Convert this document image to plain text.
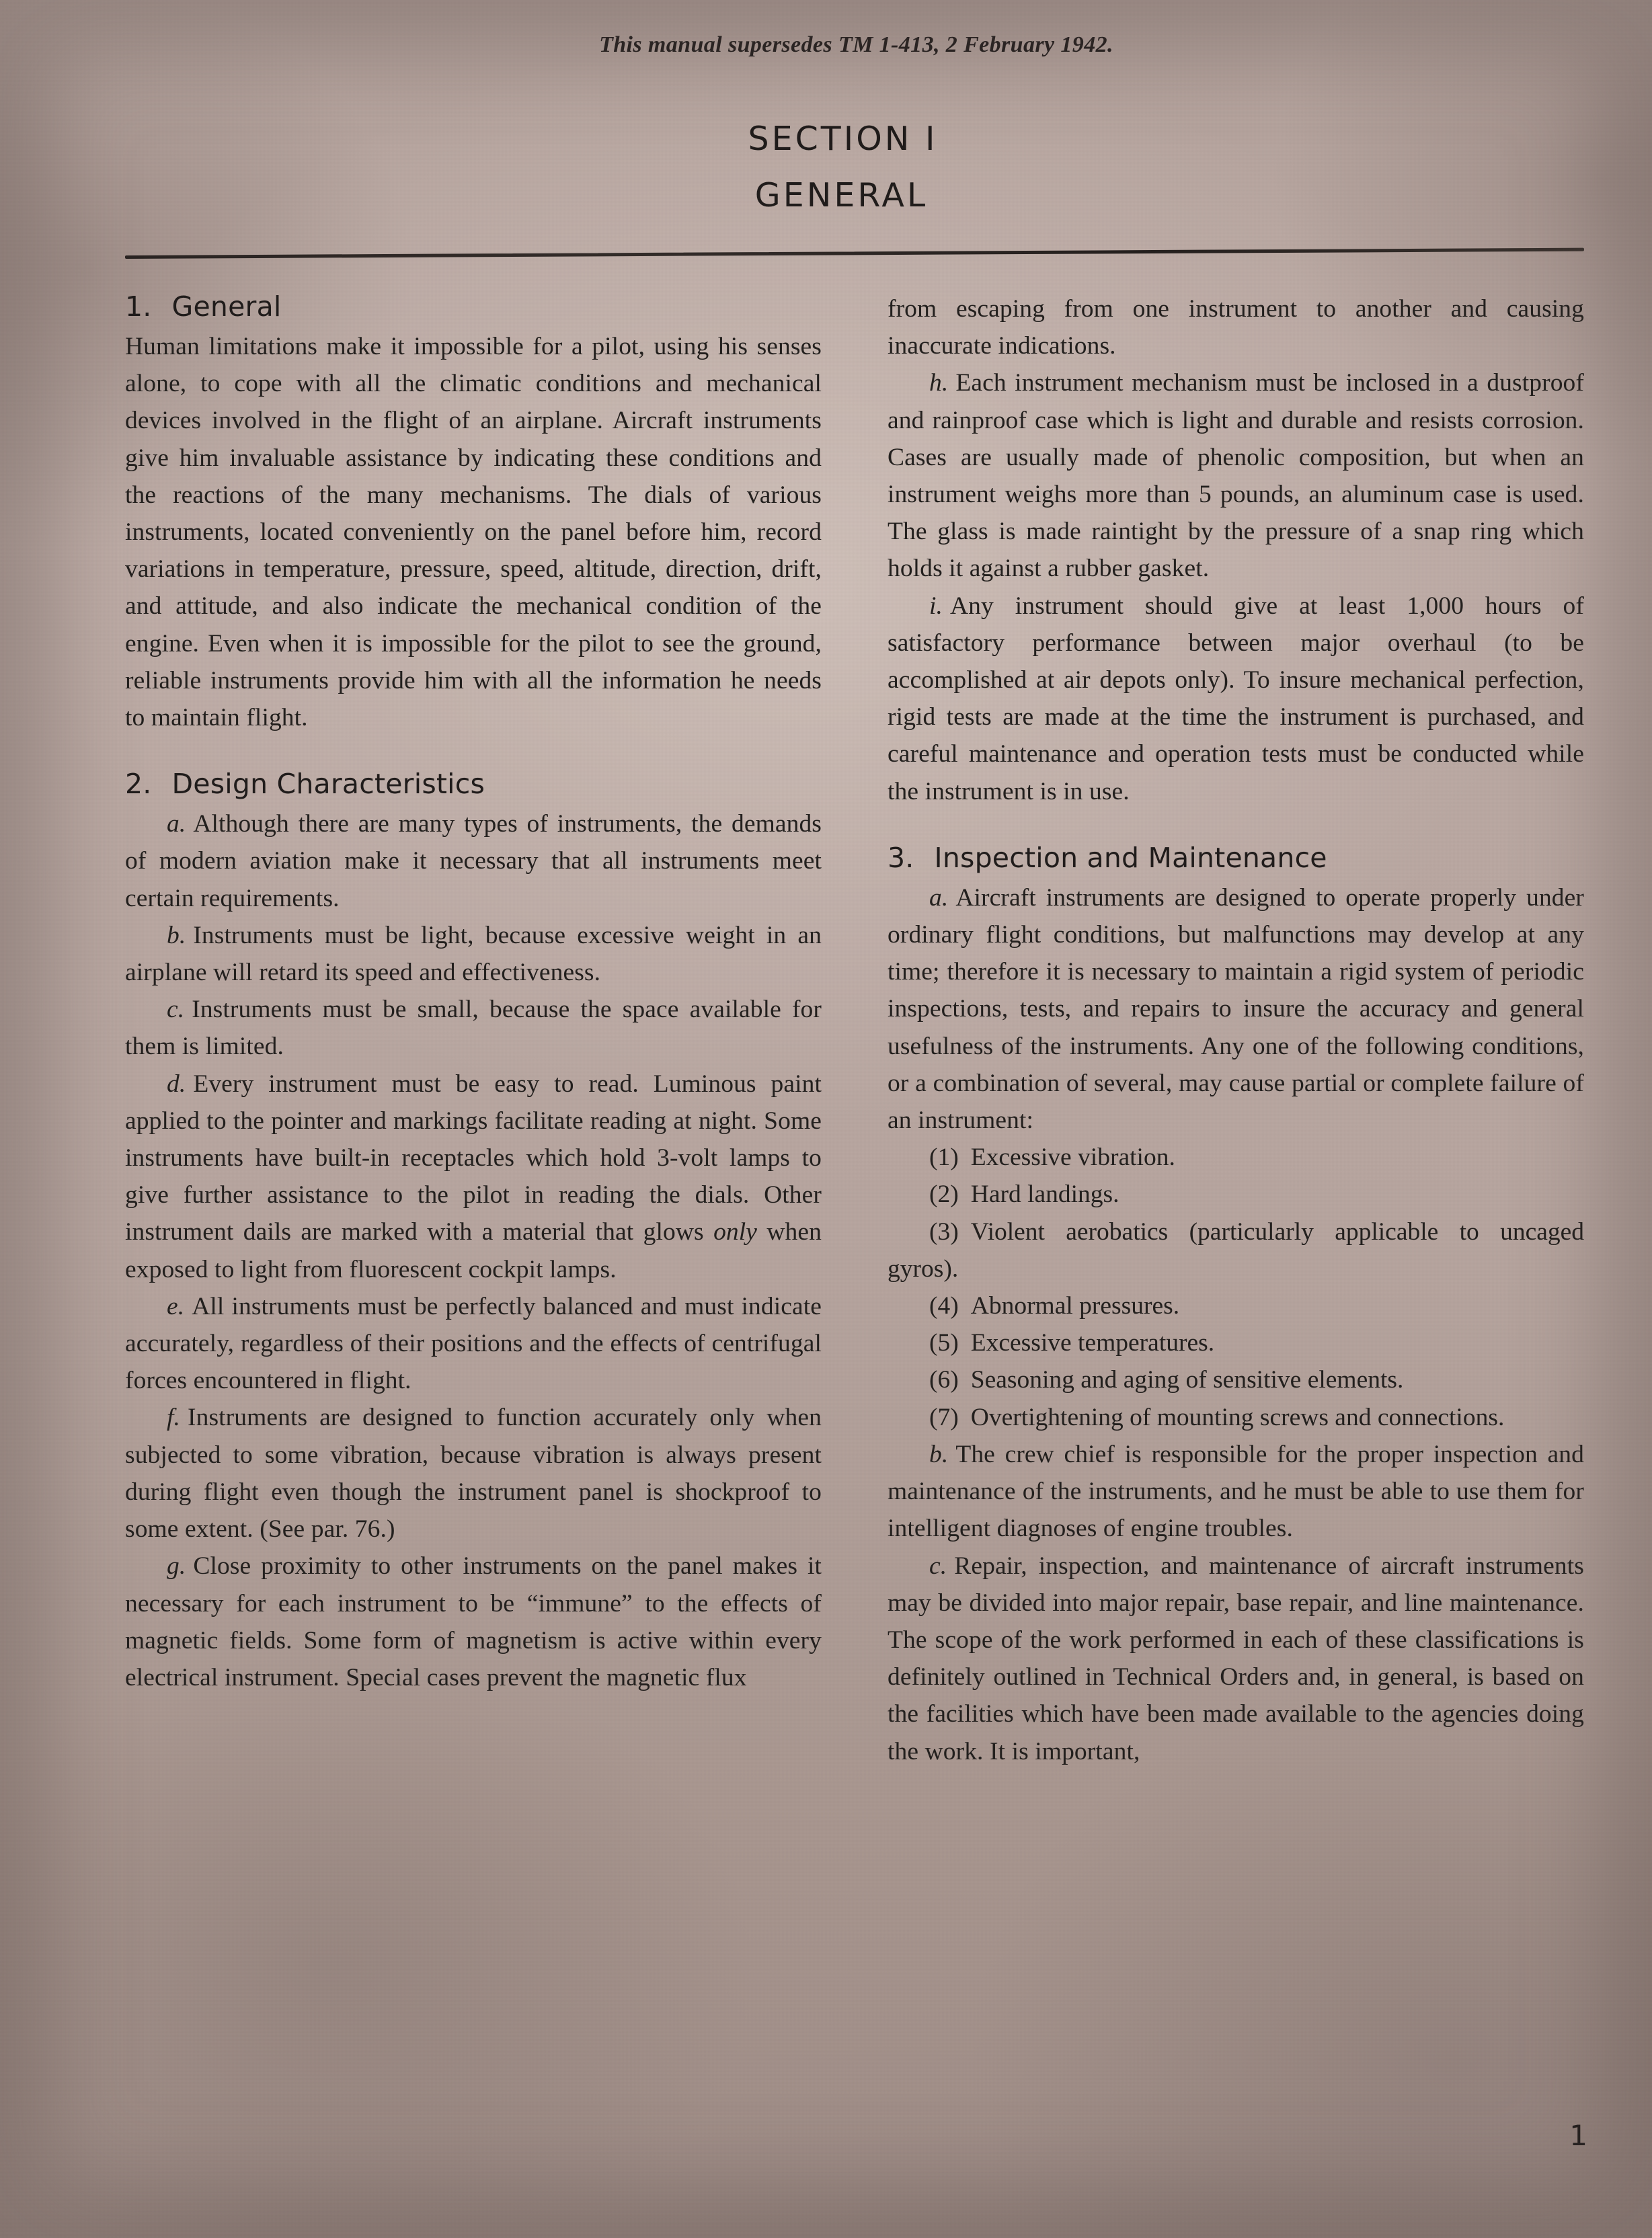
This manual supersedes TM 1-413, 2 February 1942.
SECTION I
GENERAL
1. General

Human limitations make it impossible for a pilot, using his senses alone, to cope with all the climatic conditions and mechanical devices involved in the flight of an airplane. Aircraft instruments give him invaluable assistance by indicating these conditions and the reactions of the many mechanisms. The dials of various instruments, located conveniently on the panel before him, record variations in temperature, pressure, speed, altitude, direction, drift, and attitude, and also indicate the mechanical condition of the engine. Even when it is impossible for the pilot to see the ground, reliable instruments provide him with all the information he needs to maintain flight.

2. Design Characteristics

a. Although there are many types of instruments, the demands of modern aviation make it necessary that all instruments meet certain requirements.

b. Instruments must be light, because excessive weight in an airplane will retard its speed and effectiveness.

c. Instruments must be small, because the space available for them is limited.

d. Every instrument must be easy to read. Luminous paint applied to the pointer and markings facilitate reading at night. Some instruments have built-in receptacles which hold 3-volt lamps to give further assistance to the pilot in reading the dials. Other instrument dails are marked with a material that glows only when exposed to light from fluorescent cockpit lamps.

e. All instruments must be perfectly balanced and must indicate accurately, regardless of their positions and the effects of centrifugal forces encountered in flight.

f. Instruments are designed to function accurately only when subjected to some vibration, because vibration is always present during flight even though the instrument panel is shockproof to some extent. (See par. 76.)

g. Close proximity to other instruments on the panel makes it necessary for each instrument to be “immune” to the effects of magnetic fields. Some form of magnetism is active within every electrical instrument. Special cases prevent the magnetic flux

from escaping from one instrument to another and causing inaccurate indications.

h. Each instrument mechanism must be inclosed in a dustproof and rainproof case which is light and durable and resists corrosion. Cases are usually made of phenolic composition, but when an instrument weighs more than 5 pounds, an aluminum case is used. The glass is made raintight by the pressure of a snap ring which holds it against a rubber gasket.

i. Any instrument should give at least 1,000 hours of satisfactory performance between major overhaul (to be accomplished at air depots only). To insure mechanical perfection, rigid tests are made at the time the instrument is purchased, and careful maintenance and operation tests must be conducted while the instrument is in use.

3. Inspection and Maintenance

a. Aircraft instruments are designed to operate properly under ordinary flight conditions, but malfunctions may develop at any time; therefore it is necessary to maintain a rigid system of periodic inspections, tests, and repairs to insure the accuracy and general usefulness of the instruments. Any one of the following conditions, or a combination of several, may cause partial or complete failure of an instrument:

(1) Excessive vibration.

(2) Hard landings.

(3) Violent aerobatics (particularly applicable to uncaged gyros).

(4) Abnormal pressures.

(5) Excessive temperatures.

(6) Seasoning and aging of sensitive elements.

(7) Overtightening of mounting screws and connections.

b. The crew chief is responsible for the proper inspection and maintenance of the instruments, and he must be able to use them for intelligent diagnoses of engine troubles.

c. Repair, inspection, and maintenance of aircraft instruments may be divided into major repair, base repair, and line maintenance. The scope of the work performed in each of these classifications is definitely outlined in Technical Orders and, in general, is based on the facilities which have been made available to the agencies doing the work. It is important,

1
